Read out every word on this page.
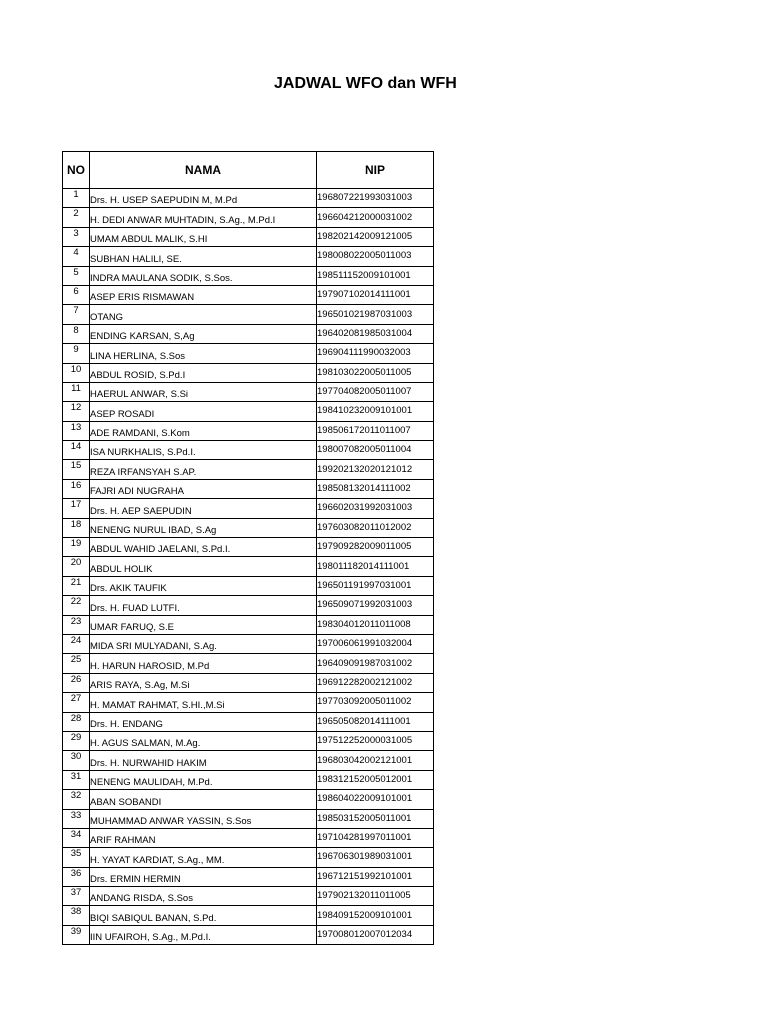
JADWAL WFO dan WFH
NO	NAMA	NIP
1	Drs. H. USEP SAEPUDIN M, M.Pd	196807221993031003
2	H. DEDI ANWAR MUHTADIN, S.Ag., M.Pd.I	196604212000031002
3	UMAM ABDUL MALIK, S.HI	198202142009121005
4	SUBHAN HALILI, SE.	198008022005011003
5	INDRA MAULANA SODIK, S.Sos.	198511152009101001
6	ASEP ERIS RISMAWAN	197907102014111001
7	OTANG	196501021987031003
8	ENDING KARSAN, S,Ag	196402081985031004
9	LINA HERLINA, S.Sos	196904111990032003
10	ABDUL ROSID, S.Pd.I	198103022005011005
11	HAERUL ANWAR, S.Si	197704082005011007
12	ASEP ROSADI	198410232009101001
13	ADE RAMDANI, S.Kom	198506172011011007
14	ISA NURKHALIS, S.Pd.I.	198007082005011004
15	REZA IRFANSYAH S.AP.	199202132020121012
16	FAJRI ADI NUGRAHA	198508132014111002
17	Drs. H. AEP SAEPUDIN	196602031992031003
18	NENENG NURUL IBAD, S.Ag	197603082011012002
19	ABDUL WAHID JAELANI, S.Pd.I.	197909282009011005
20	ABDUL HOLIK	198011182014111001
21	Drs. AKIK TAUFIK	196501191997031001
22	Drs. H. FUAD LUTFI.	196509071992031003
23	UMAR FARUQ, S.E	198304012011011008
24	MIDA SRI MULYADANI, S.Ag.	197006061991032004
25	H. HARUN HAROSID, M.Pd	196409091987031002
26	ARIS RAYA, S.Ag, M.Si	196912282002121002
27	H. MAMAT RAHMAT, S.HI.,M.Si	197703092005011002
28	Drs. H. ENDANG	196505082014111001
29	H. AGUS SALMAN, M.Ag.	197512252000031005
30	Drs. H. NURWAHID HAKIM	196803042002121001
31	NENENG MAULIDAH, M.Pd.	198312152005012001
32	ABAN SOBANDI	198604022009101001
33	MUHAMMAD ANWAR YASSIN, S.Sos	198503152005011001
34	ARIF RAHMAN	197104281997011001
35	H. YAYAT KARDIAT, S.Ag., MM.	196706301989031001
36	Drs. ERMIN HERMIN	196712151992101001
37	ANDANG RISDA, S.Sos	197902132011011005
38	BIQI SABIQUL BANAN, S.Pd.	198409152009101001
39	IIN UFAIROH, S.Ag., M.Pd.I.	197008012007012034
